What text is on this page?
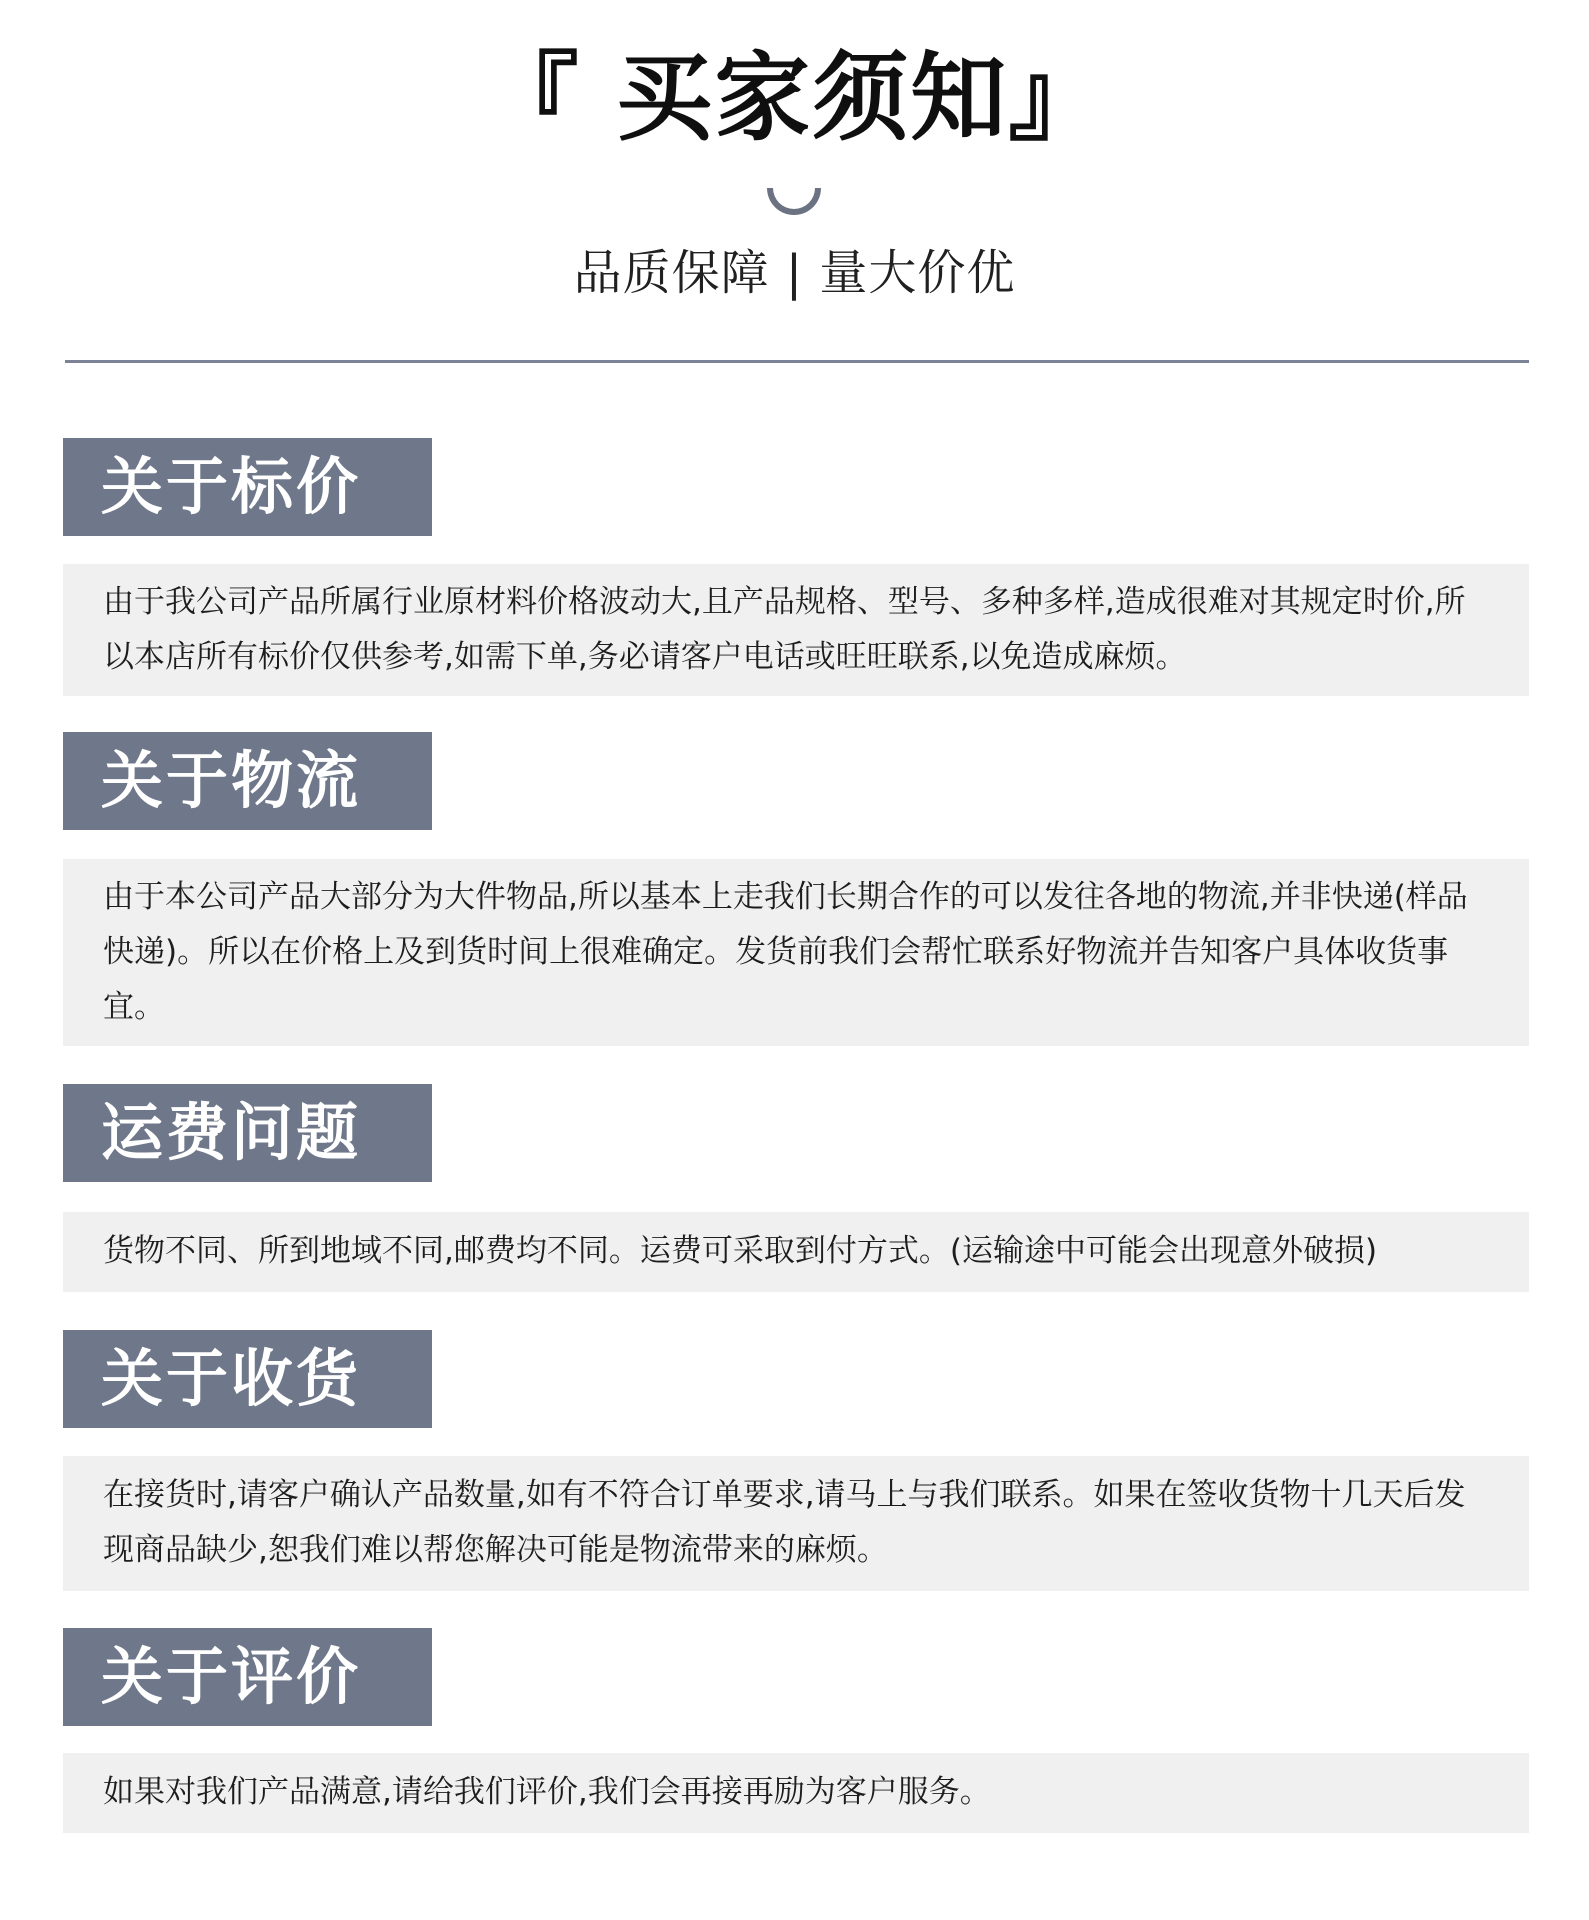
『 买家须知』
品质保障 | 量大价优
关于标价
由于我公司产品所属行业原材料价格波动大,且产品规格、型号、多种多样,造成很难对其规定时价,所以本店所有标价仅供参考,如需下单,务必请客户电话或旺旺联系,以免造成麻烦。
关于物流
由于本公司产品大部分为大件物品,所以基本上走我们长期合作的可以发往各地的物流,并非快递(样品快递)。所以在价格上及到货时间上很难确定。发货前我们会帮忙联系好物流并告知客户具体收货事宜。
运费问题
货物不同、所到地域不同,邮费均不同。运费可采取到付方式。(运输途中可能会出现意外破损)
关于收货
在接货时,请客户确认产品数量,如有不符合订单要求,请马上与我们联系。如果在签收货物十几天后发现商品缺少,恕我们难以帮您解决可能是物流带来的麻烦。
关于评价
如果对我们产品满意,请给我们评价,我们会再接再励为客户服务。
